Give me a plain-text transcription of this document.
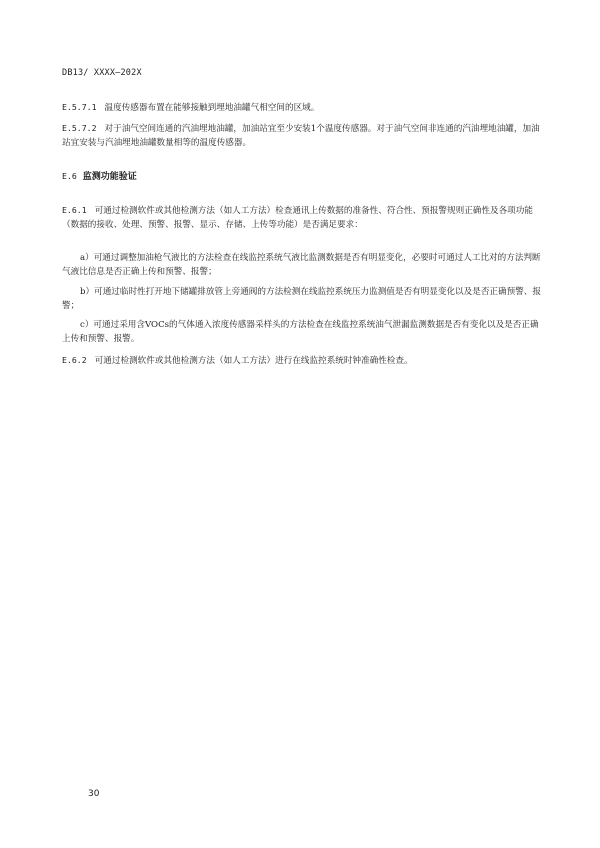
DB13/ XXXX—202X
E.5.7.1 温度传感器布置在能够接触到埋地油罐气相空间的区域。
E.5.7.2 对于油气空间连通的汽油埋地油罐，加油站宜至少安装1个温度传感器。对于油气空间非连通的汽油埋地油罐，加油站宜安装与汽油埋地油罐数量相等的温度传感器。
E.6 监测功能验证
E.6.1 可通过检测软件或其他检测方法（如人工方法）检查通讯上传数据的准备性、符合性、预报警规则正确性及各项功能（数据的接收、处理、预警、报警、显示、存储、上传等功能）是否满足要求：
a）可通过调整加油枪气液比的方法检查在线监控系统气液比监测数据是否有明显变化，必要时可通过人工比对的方法判断气液比信息是否正确上传和预警、报警；
b）可通过临时性打开地下储罐排放管上旁通阀的方法检测在线监控系统压力监测值是否有明显变化以及是否正确预警、报警；
c）可通过采用含VOCs的气体通入浓度传感器采样头的方法检查在线监控系统油气泄漏监测数据是否有变化以及是否正确上传和预警、报警。
E.6.2 可通过检测软件或其他检测方法（如人工方法）进行在线监控系统时钟准确性检查。
30
